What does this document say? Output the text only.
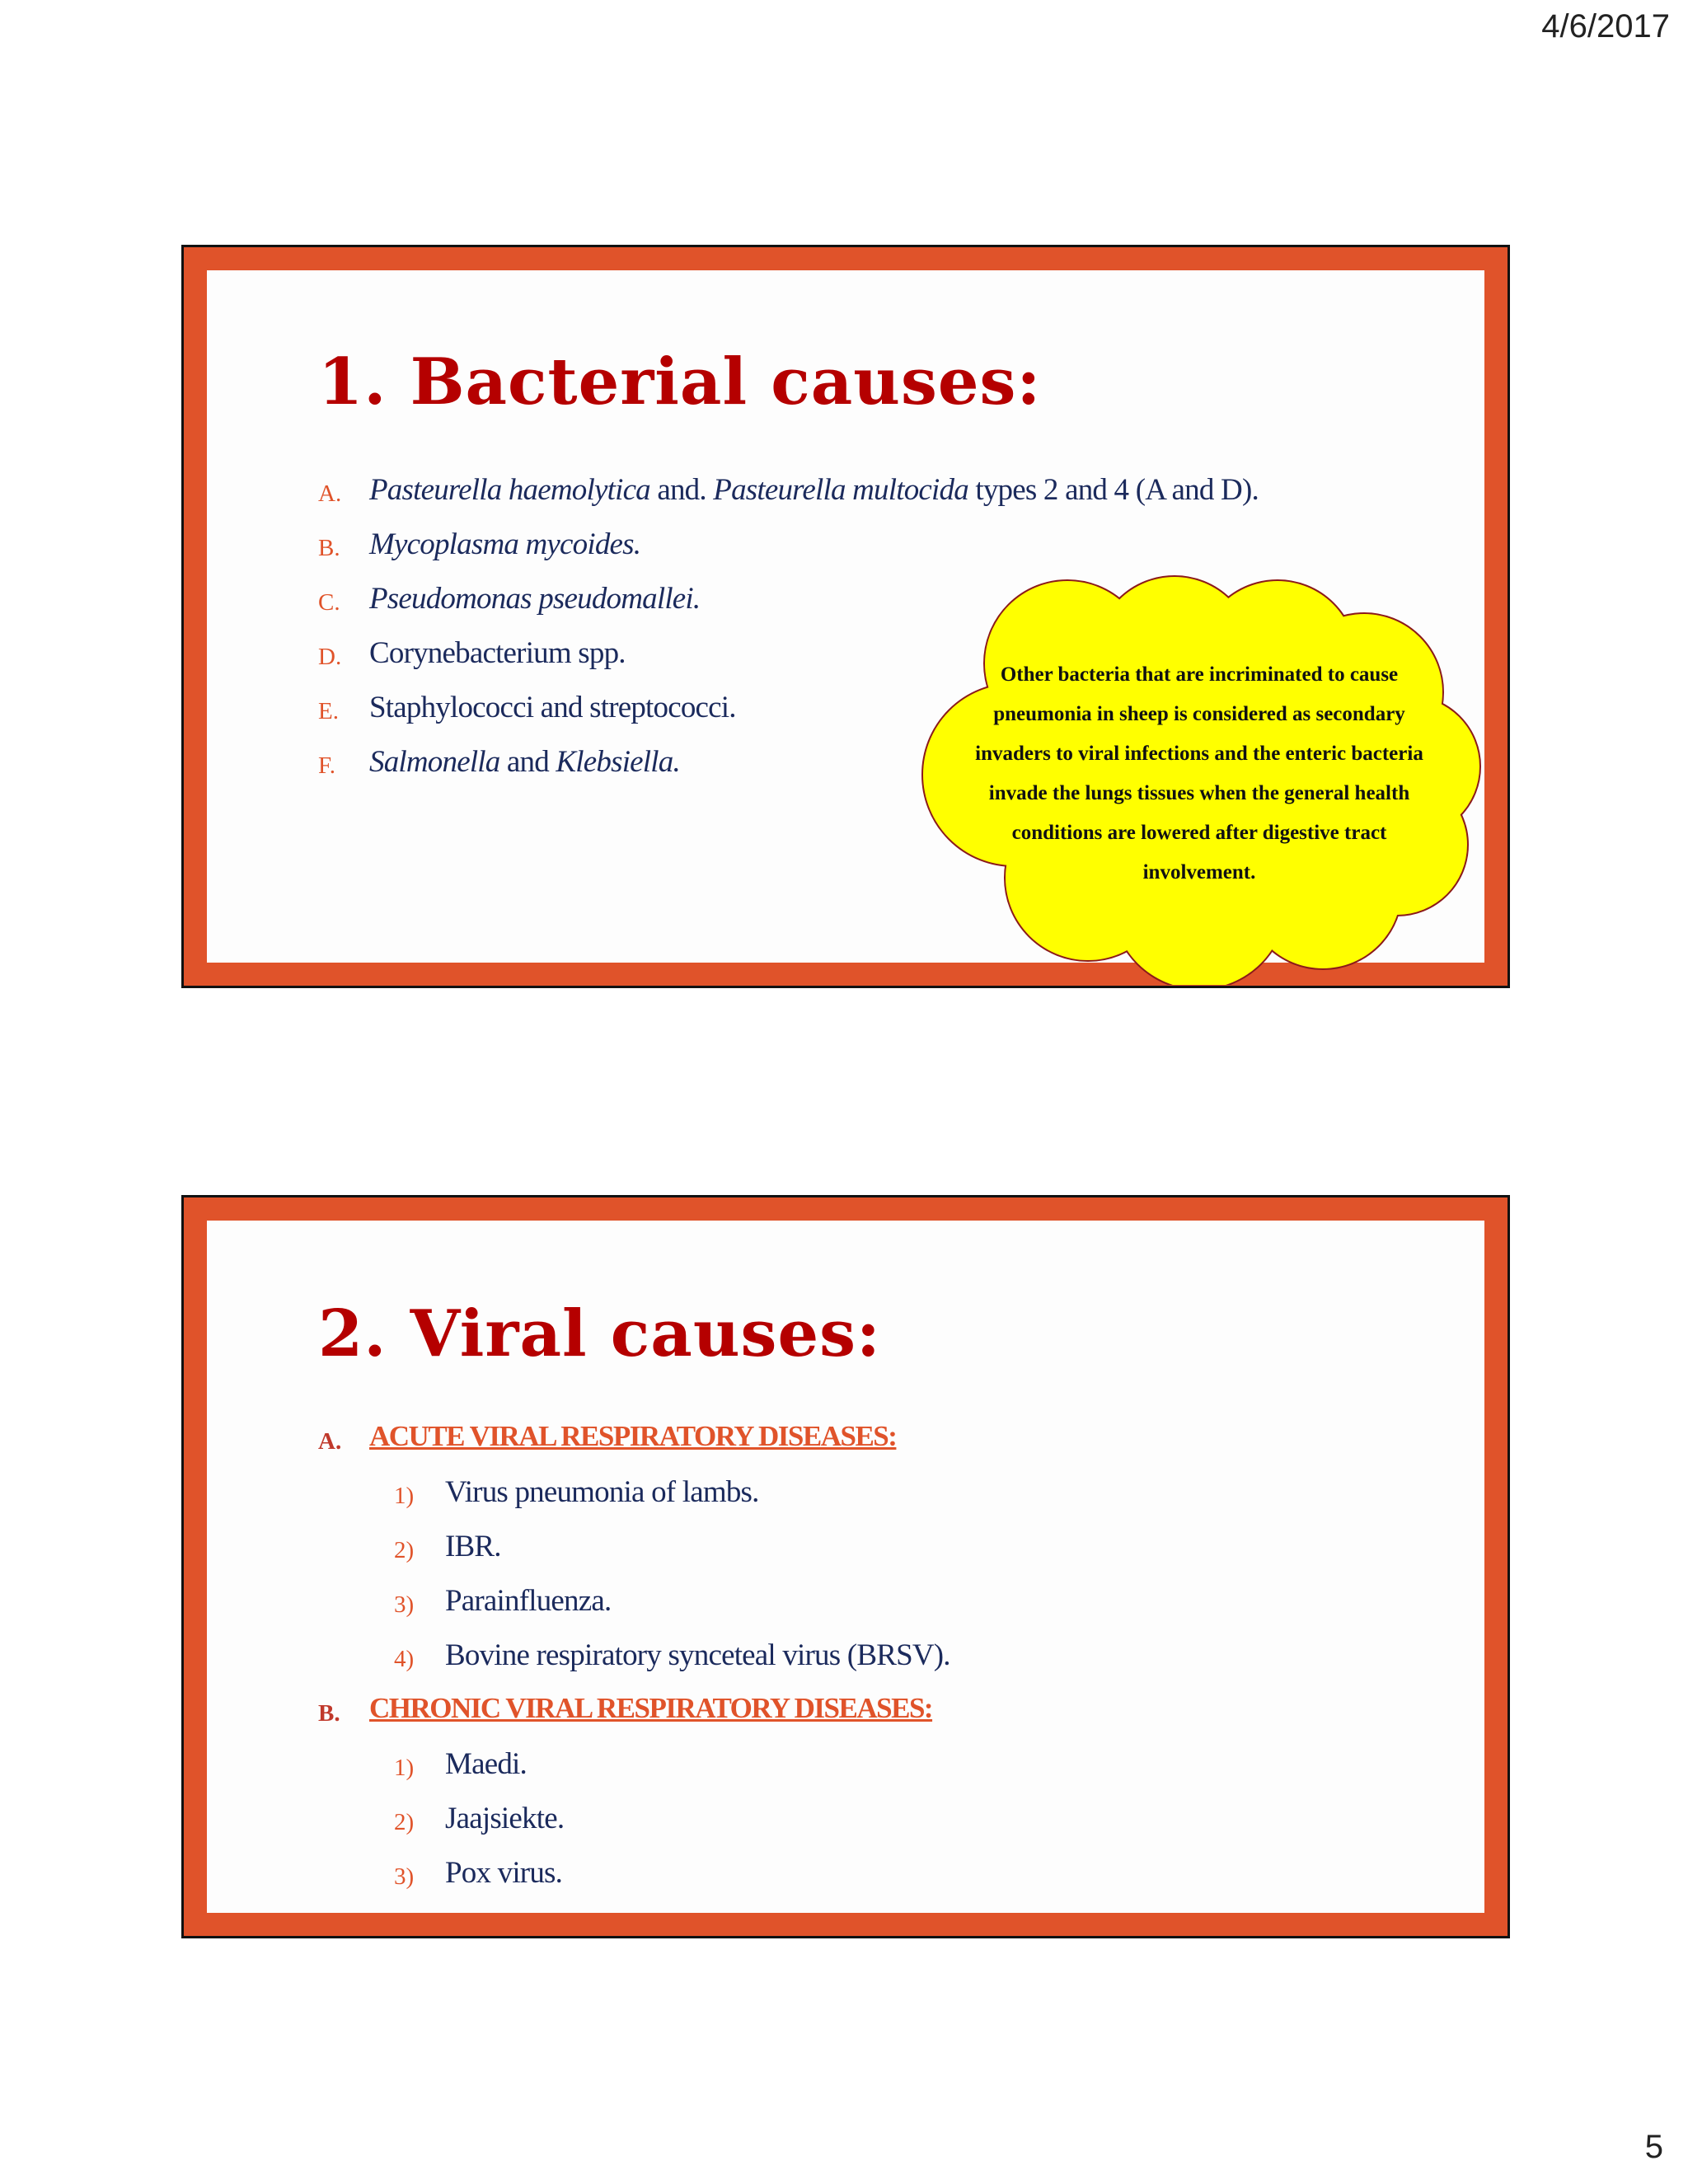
4/6/2017
1. Bacterial causes:
A. Pasteurella haemolytica and. Pasteurella multocida types 2 and 4 (A and D).
B. Mycoplasma mycoides.
C. Pseudomonas pseudomallei.
D. Corynebacterium spp.
E. Staphylococci and streptococci.
F. Salmonella and Klebsiella.
Other bacteria that are incriminated to cause
pneumonia in sheep is considered as secondary
invaders to viral infections and the enteric bacteria
invade the lungs tissues when the general health
conditions are lowered after digestive tract
involvement.
2. Viral causes:
A. ACUTE VIRAL RESPIRATORY DISEASES:
1) Virus pneumonia of lambs.
2) IBR.
3) Parainfluenza.
4) Bovine respiratory synceteal virus (BRSV).
B. CHRONIC VIRAL RESPIRATORY DISEASES:
1) Maedi.
2) Jaajsiekte.
3) Pox virus.
5
